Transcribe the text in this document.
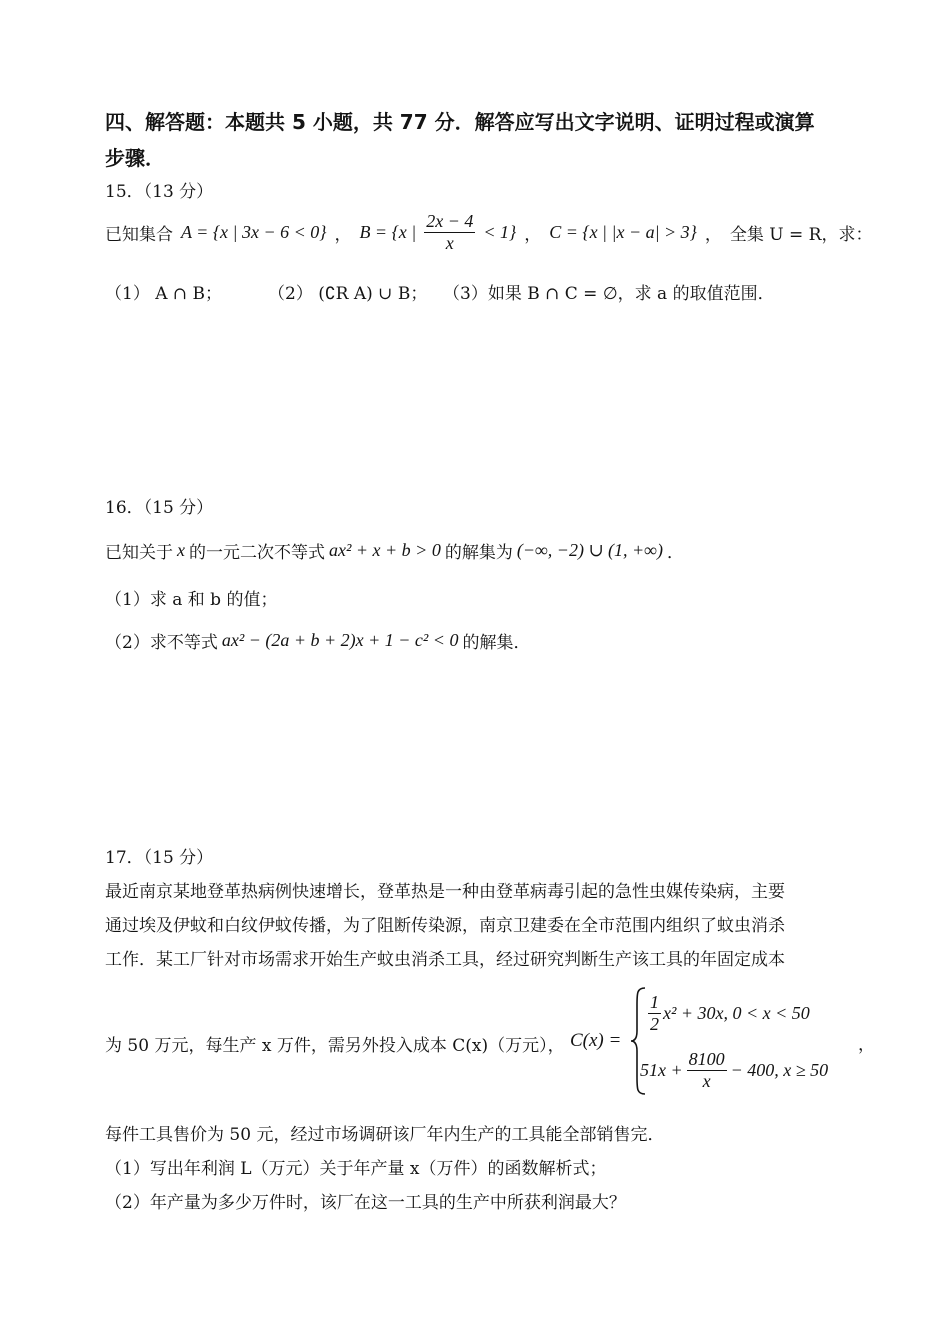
四、解答题：本题共 5 小题，共 77 分．解答应写出文字说明、证明过程或演算
步骤．
15．（13 分）
已知集合 A = {x | 3x − 6 < 0} ， B = {x | $\frac{2x - 4}{x} < 1$} ， C = {x | |x − a| > 3} ， 全集 U = R，求：
（1） A ∩ B；	（2） (∁R A) ∪ B； （3）如果 B ∩ C = ∅，求 a 的取值范围．
16．（15 分）
已知关于 x 的一元二次不等式 ax² + x + b > 0 的解集为 (−∞, −2) ∪ (1, +∞) ．
（1）求 a 和 b 的值；
（2）求不等式 ax² − (2a + b + 2)x + 1 − c² < 0 的解集．
17．（15 分）
最近南京某地登革热病例快速增长，登革热是一种由登革病毒引起的急性虫媒传染病，主要
通过埃及伊蚊和白纹伊蚊传播，为了阻断传染源，南京卫建委在全市范围内组织了蚊虫消杀
工作．某工厂针对市场需求开始生产蚊虫消杀工具，经过研究判断生产该工具的年固定成本
为 50 万元，每生产 x 万件，需另外投入成本 C(x)（万元）， C(x) =
$\frac{1}{2} x^2 + 30x$, 0 < x < 50
$51x + \frac{8100}{x} - 400$, x ≥ 50
，
每件工具售价为 50 元，经过市场调研该厂年内生产的工具能全部销售完．
（1）写出年利润 L（万元）关于年产量 x（万件）的函数解析式；
（2）年产量为多少万件时，该厂在这一工具的生产中所获利润最大？
